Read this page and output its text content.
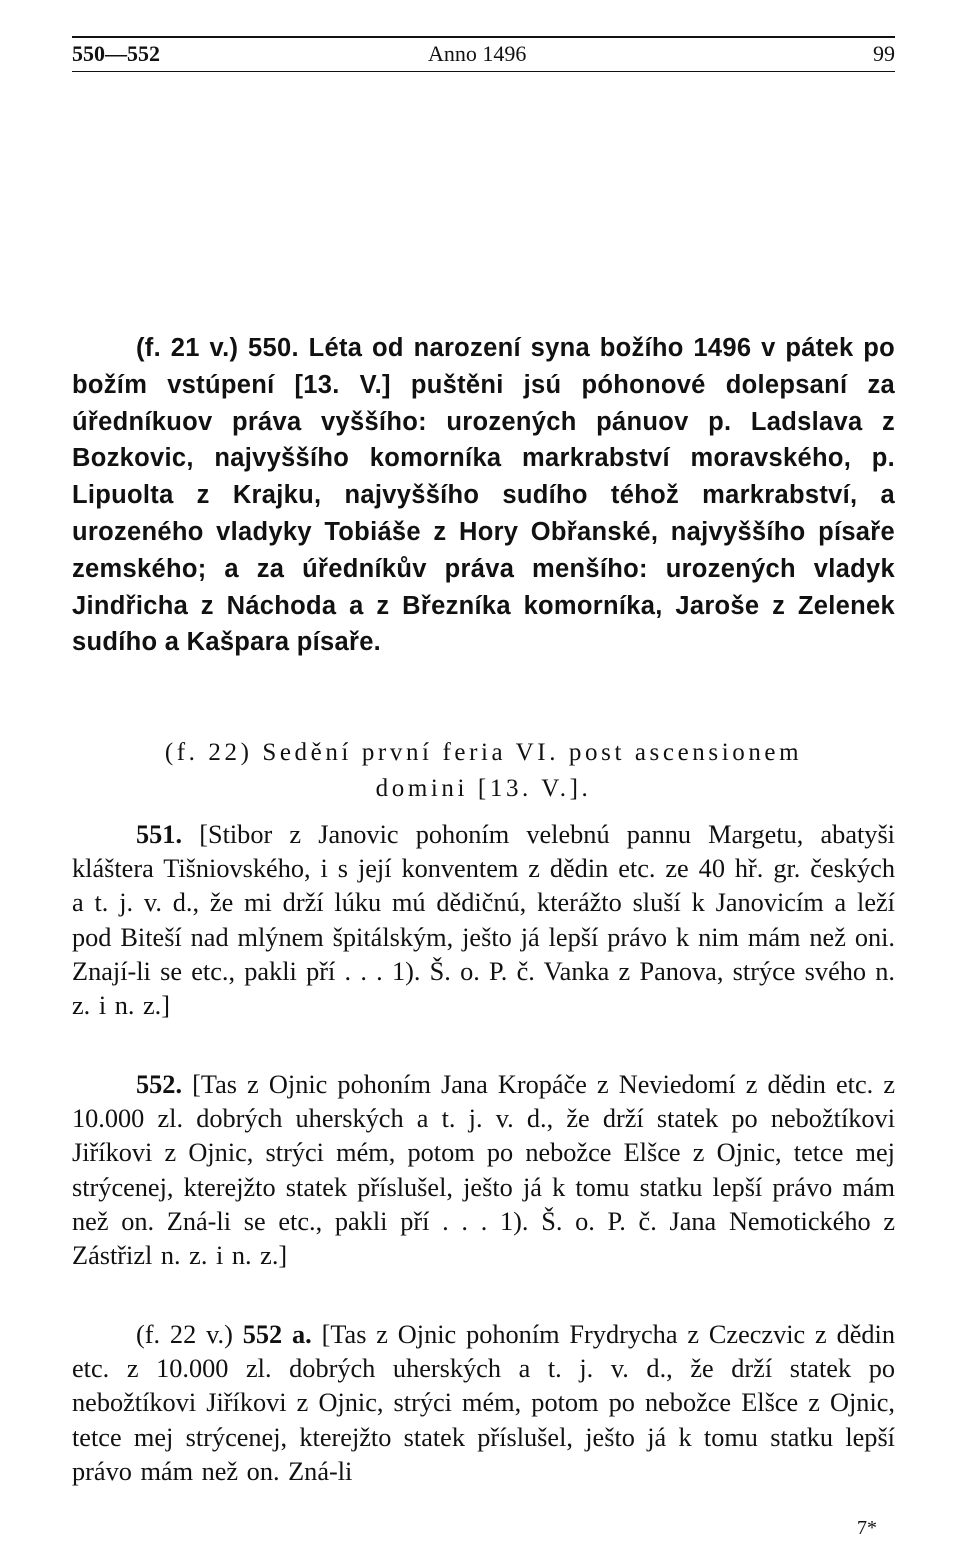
550—552	Anno 1496	99

(f. 21 v.) 550. Léta od narození syna božího 1496 v pátek po božím vstúpení [13. V.] puštěni jsú póhonové dolepsaní za úředníkuov práva vyššího: urozených pánuov p. Ladslava z Bozkovic, najvyššího komorníka markrabství moravského, p. Lipuolta z Krajku, najvyššího sudího téhož markrabství, a urozeného vladyky Tobiáše z Hory Obřanské, najvyššího písaře zemského; a za úředníkův práva menšího: urozených vladyk Jindřicha z Náchoda a z Březníka komorníka, Jaroše z Zelenek sudího a Kašpara písaře.

(f. 22) Sedění první feria VI. post ascensionem
domini [13. V.].

551. [Stibor z Janovic pohoním velebnú pannu Margetu, abatyši kláštera Tišniovského, i s její konventem z dědin etc. ze 40 hř. gr. českých a t. j. v. d., že mi drží lúku mú dědičnú, kterážto sluší k Janovicím a leží pod Biteší nad mlýnem špitálským, ješto já lepší právo k nim mám než oni. Znají-li se etc., pakli pří . . . 1). Š. o. P. č. Vanka z Panova, strýce svého n. z. i n. z.]

552. [Tas z Ojnic pohoním Jana Kropáče z Neviedomí z dědin etc. z 10.000 zl. dobrých uherských a t. j. v. d., že drží statek po nebožtíkovi Jiříkovi z Ojnic, strýci mém, potom po nebožce Elšce z Ojnic, tetce mej strýcenej, kterejžto statek příslušel, ješto já k tomu statku lepší právo mám než on. Zná-li se etc., pakli pří . . . 1). Š. o. P. č. Jana Nemotického z Zástřizl n. z. i n. z.]

(f. 22 v.) 552 a. [Tas z Ojnic pohoním Frydrycha z Czeczvic z dědin etc. z 10.000 zl. dobrých uherských a t. j. v. d., že drží statek po nebožtíkovi Jiříkovi z Ojnic, strýci mém, potom po nebožce Elšce z Ojnic, tetce mej strýcenej, kterejžto statek příslušel, ješto já k tomu statku lepší právo mám než on. Zná-li

7*
